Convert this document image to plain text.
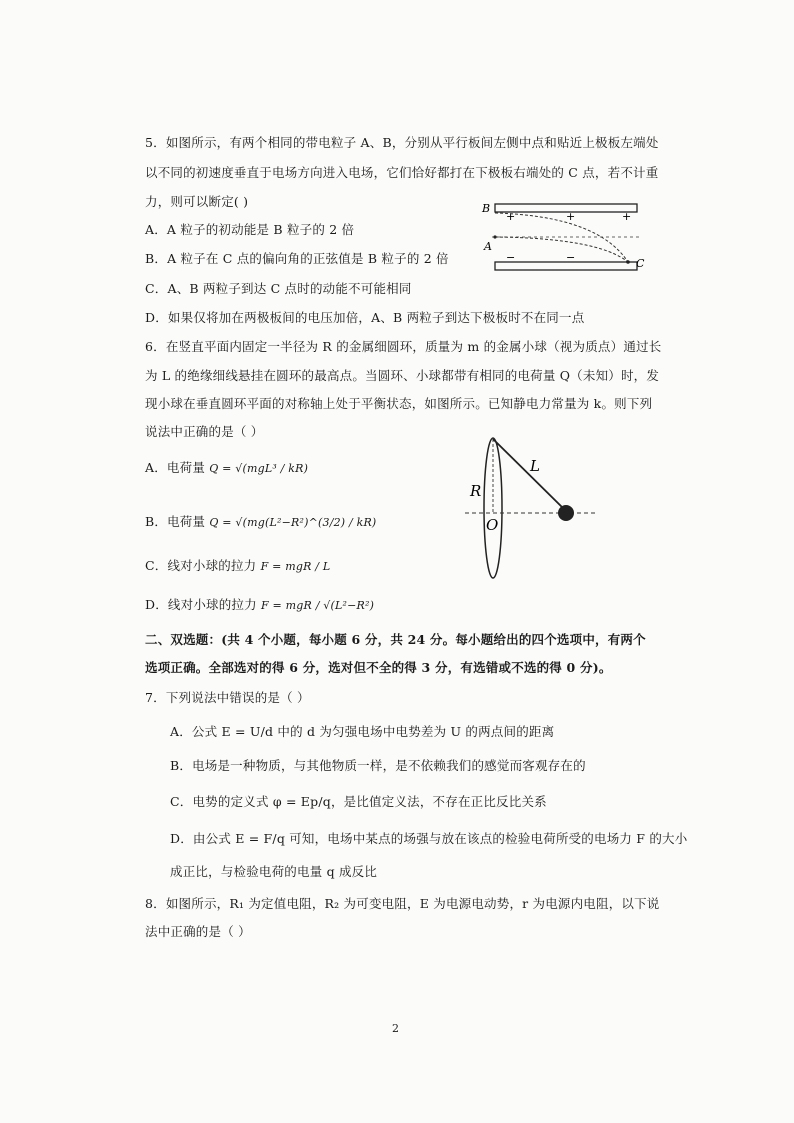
5．如图所示，有两个相同的带电粒子 A、B，分别从平行板间左侧中点和贴近上极板左端处
以不同的初速度垂直于电场方向进入电场，它们恰好都打在下极板右端处的 C 点，若不计重
力，则可以断定( )
A．A 粒子的初动能是 B 粒子的 2 倍
B．A 粒子在 C 点的偏向角的正弦值是 B 粒子的 2 倍
C．A、B 两粒子到达 C 点时的动能不可能相同
D．如果仅将加在两极板间的电压加倍，A、B 两粒子到达下极板时不在同一点
B
A
C
+	+	+
−	−
6．在竖直平面内固定一半径为 R 的金属细圆环，质量为 m 的金属小球（视为质点）通过长
为 L 的绝缘细线悬挂在圆环的最高点。当圆环、小球都带有相同的电荷量 Q（未知）时，发
现小球在垂直圆环平面的对称轴上处于平衡状态，如图所示。已知静电力常量为 k。则下列
说法中正确的是（ ）
A．电荷量 Q = √(mgL³ / kR)
B．电荷量 Q = √(mg(L²−R²)^(3/2) / kR)
C．线对小球的拉力 F = mgR / L
D．线对小球的拉力 F = mgR / √(L²−R²)
R
L
O
二、双选题：(共 4 个小题，每小题 6 分，共 24 分。每小题给出的四个选项中，有两个
选项正确。全部选对的得 6 分，选对但不全的得 3 分，有选错或不选的得 0 分)。
7．下列说法中错误的是（ ）
A．公式 E = U/d 中的 d 为匀强电场中电势差为 U 的两点间的距离
B．电场是一种物质，与其他物质一样，是不依赖我们的感觉而客观存在的
C．电势的定义式 φ = Ep/q，是比值定义法，不存在正比反比关系
D．由公式 E = F/q 可知，电场中某点的场强与放在该点的检验电荷所受的电场力 F 的大小
成正比，与检验电荷的电量 q 成反比
8．如图所示，R₁ 为定值电阻，R₂ 为可变电阻，E 为电源电动势，r 为电源内电阻，以下说
法中正确的是（ ）
2
